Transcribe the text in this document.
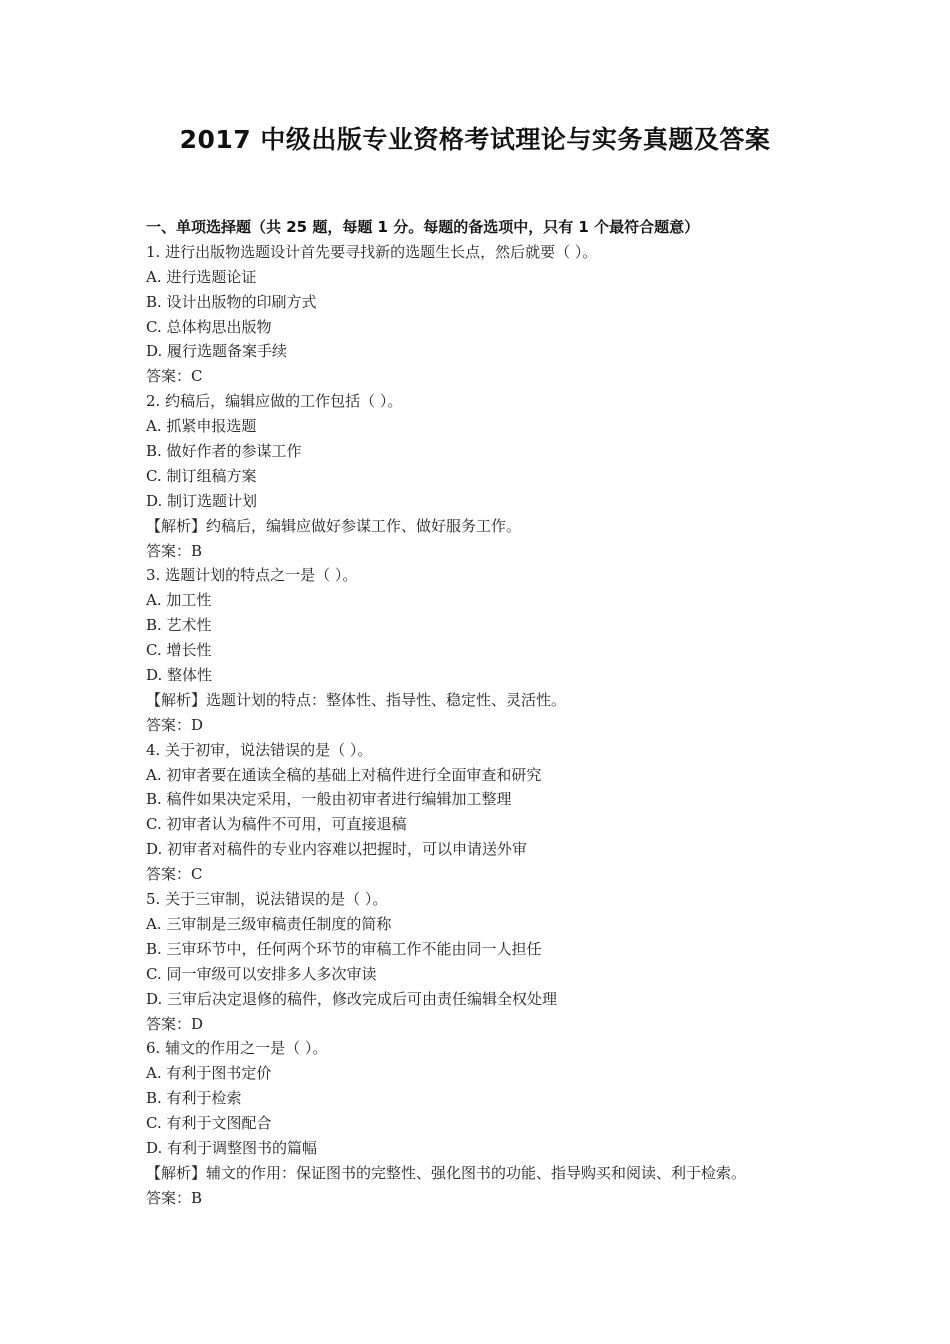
2017 中级出版专业资格考试理论与实务真题及答案
一、单项选择题（共 25 题，每题 1 分。每题的备选项中，只有 1 个最符合题意）
1. 进行出版物选题设计首先要寻找新的选题生长点，然后就要（ ）。
A. 进行选题论证
B. 设计出版物的印刷方式
C. 总体构思出版物
D. 履行选题备案手续
答案：C
2. 约稿后，编辑应做的工作包括（ ）。
A. 抓紧申报选题
B. 做好作者的参谋工作
C. 制订组稿方案
D. 制订选题计划
【解析】约稿后，编辑应做好参谋工作、做好服务工作。
答案：B
3. 选题计划的特点之一是（ ）。
A. 加工性
B. 艺术性
C. 增长性
D. 整体性
【解析】选题计划的特点：整体性、指导性、稳定性、灵活性。
答案：D
4. 关于初审，说法错误的是（ ）。
A. 初审者要在通读全稿的基础上对稿件进行全面审查和研究
B. 稿件如果决定采用，一般由初审者进行编辑加工整理
C. 初审者认为稿件不可用，可直接退稿
D. 初审者对稿件的专业内容难以把握时，可以申请送外审
答案：C
5. 关于三审制，说法错误的是（ ）。
A. 三审制是三级审稿责任制度的简称
B. 三审环节中，任何两个环节的审稿工作不能由同一人担任
C. 同一审级可以安排多人多次审读
D. 三审后决定退修的稿件，修改完成后可由责任编辑全权处理
答案：D
6. 辅文的作用之一是（ ）。
A. 有利于图书定价
B. 有利于检索
C. 有利于文图配合
D. 有利于调整图书的篇幅
【解析】辅文的作用：保证图书的完整性、强化图书的功能、指导购买和阅读、利于检索。
答案：B
